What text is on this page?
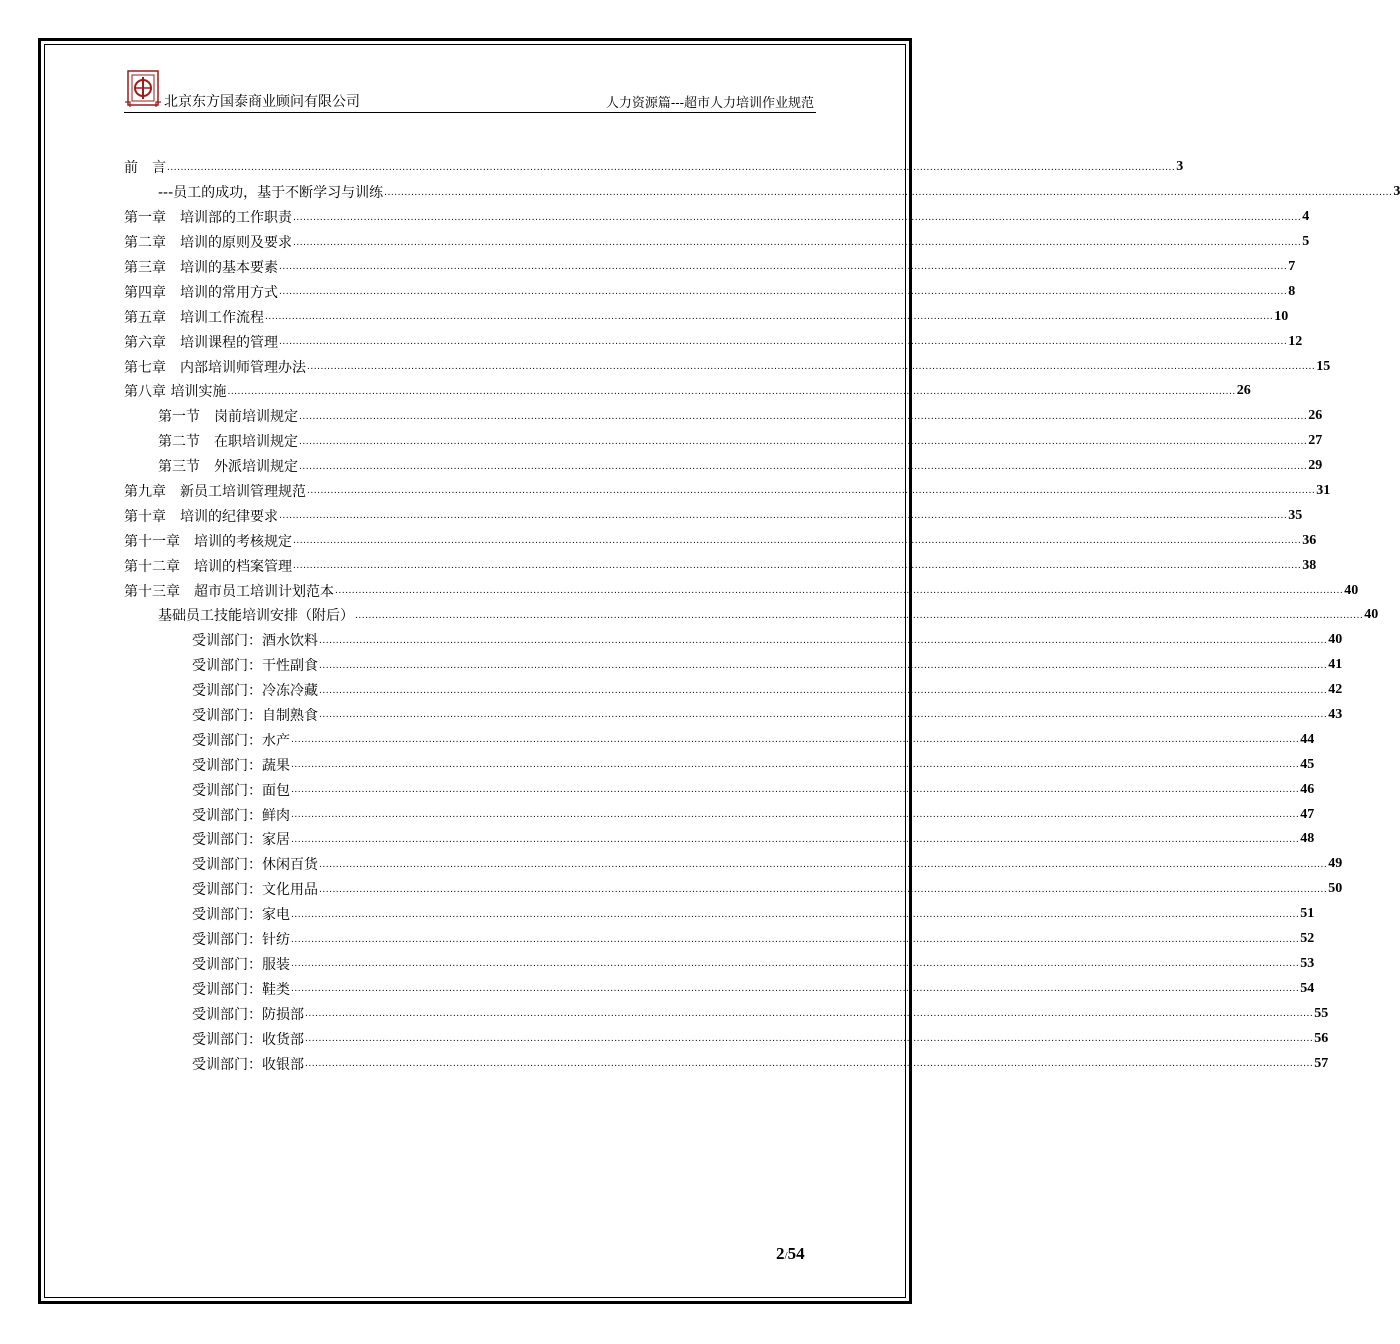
北京东方国泰商业顾问有限公司	人力资源篇---超市人力培训作业规范
前　言 ............................................................................................................................................................................................................................................................................................................ 3
---员工的成功，基于不断学习与训练 ............................................................................................................................................................................................................................................................................................................ 3
第一章　培训部的工作职责 ............................................................................................................................................................................................................................................................................................................ 4
第二章　培训的原则及要求 ............................................................................................................................................................................................................................................................................................................ 5
第三章　培训的基本要素 ............................................................................................................................................................................................................................................................................................................ 7
第四章　培训的常用方式 ............................................................................................................................................................................................................................................................................................................ 8
第五章　培训工作流程 ............................................................................................................................................................................................................................................................................................................ 10
第六章　培训课程的管理 ............................................................................................................................................................................................................................................................................................................ 12
第七章　内部培训师管理办法 ............................................................................................................................................................................................................................................................................................................ 15
第八章 培训实施 ............................................................................................................................................................................................................................................................................................................ 26
第一节　岗前培训规定 ............................................................................................................................................................................................................................................................................................................ 26
第二节　在职培训规定 ............................................................................................................................................................................................................................................................................................................ 27
第三节　外派培训规定 ............................................................................................................................................................................................................................................................................................................ 29
第九章　新员工培训管理规范 ............................................................................................................................................................................................................................................................................................................ 31
第十章　培训的纪律要求 ............................................................................................................................................................................................................................................................................................................ 35
第十一章　培训的考核规定 ............................................................................................................................................................................................................................................................................................................ 36
第十二章　培训的档案管理 ............................................................................................................................................................................................................................................................................................................ 38
第十三章　超市员工培训计划范本 ............................................................................................................................................................................................................................................................................................................ 40
基础员工技能培训安排（附后） ............................................................................................................................................................................................................................................................................................................ 40
受训部门：酒水饮料 ............................................................................................................................................................................................................................................................................................................ 40
受训部门：干性副食 ............................................................................................................................................................................................................................................................................................................ 41
受训部门：冷冻冷藏 ............................................................................................................................................................................................................................................................................................................ 42
受训部门：自制熟食 ............................................................................................................................................................................................................................................................................................................ 43
受训部门：水产 ............................................................................................................................................................................................................................................................................................................ 44
受训部门：蔬果 ............................................................................................................................................................................................................................................................................................................ 45
受训部门：面包 ............................................................................................................................................................................................................................................................................................................ 46
受训部门：鲜肉 ............................................................................................................................................................................................................................................................................................................ 47
受训部门：家居 ............................................................................................................................................................................................................................................................................................................ 48
受训部门：休闲百货 ............................................................................................................................................................................................................................................................................................................ 49
受训部门：文化用品 ............................................................................................................................................................................................................................................................................................................ 50
受训部门：家电 ............................................................................................................................................................................................................................................................................................................ 51
受训部门：针纺 ............................................................................................................................................................................................................................................................................................................ 52
受训部门：服装 ............................................................................................................................................................................................................................................................................................................ 53
受训部门：鞋类 ............................................................................................................................................................................................................................................................................................................ 54
受训部门：防损部 ............................................................................................................................................................................................................................................................................................................ 55
受训部门：收货部 ............................................................................................................................................................................................................................................................................................................ 56
受训部门：收银部 ............................................................................................................................................................................................................................................................................................................ 57
2/54
